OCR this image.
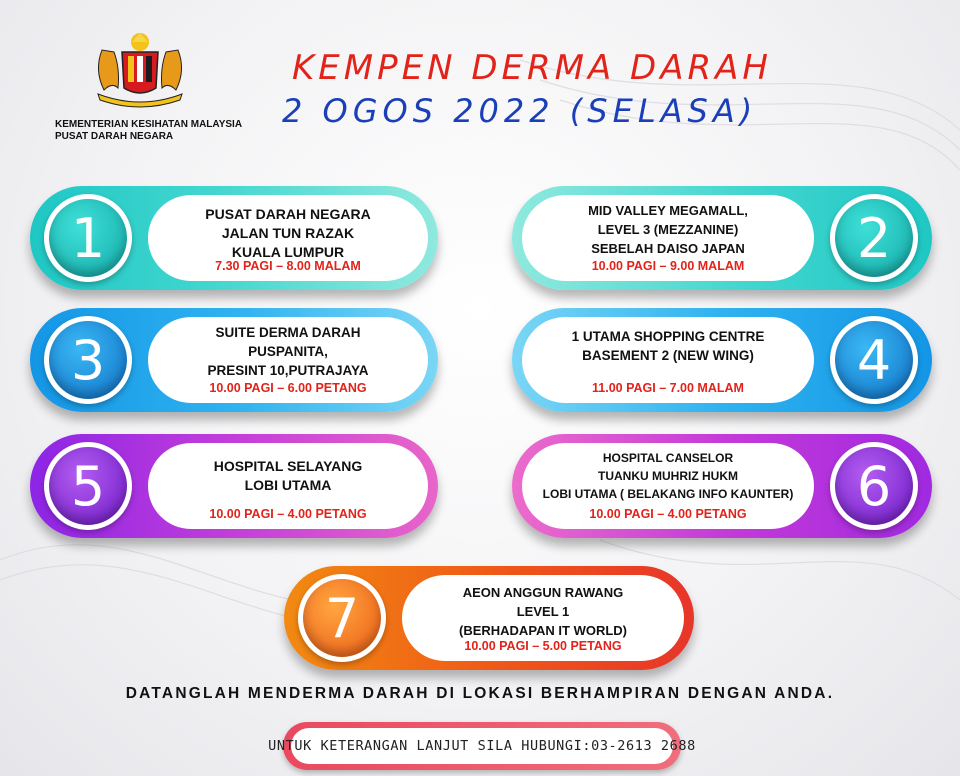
KEMENTERIAN KESIHATAN MALAYSIA
PUSAT DARAH NEGARA
KEMPEN DERMA DARAH
2 OGOS 2022 (SELASA)
1	PUSAT DARAH NEGARA
JALAN TUN RAZAK
KUALA LUMPUR
7.30 PAGI – 8.00 MALAM	2
MID VALLEY MEGAMALL,
LEVEL 3 (MEZZANINE)
SEBELAH DAISO JAPAN
10.00 PAGI – 9.00 MALAM
3	SUITE DERMA DARAH
PUSPANITA,
PRESINT 10,PUTRAJAYA
10.00 PAGI – 6.00 PETANG	4
1 UTAMA SHOPPING CENTRE
BASEMENT 2 (NEW WING)
11.00 PAGI – 7.00 MALAM
5	HOSPITAL SELAYANG
LOBI UTAMA
10.00 PAGI – 4.00 PETANG	6
HOSPITAL CANSELOR
TUANKU MUHRIZ HUKM
LOBI UTAMA ( BELAKANG INFO KAUNTER)
10.00 PAGI – 4.00 PETANG
7	AEON ANGGUN RAWANG
LEVEL 1
(BERHADAPAN IT WORLD)
10.00 PAGI – 5.00 PETANG
DATANGLAH MENDERMA DARAH DI LOKASI BERHAMPIRAN DENGAN ANDA.
UNTUK KETERANGAN LANJUT SILA HUBUNGI:03-2613 2688
